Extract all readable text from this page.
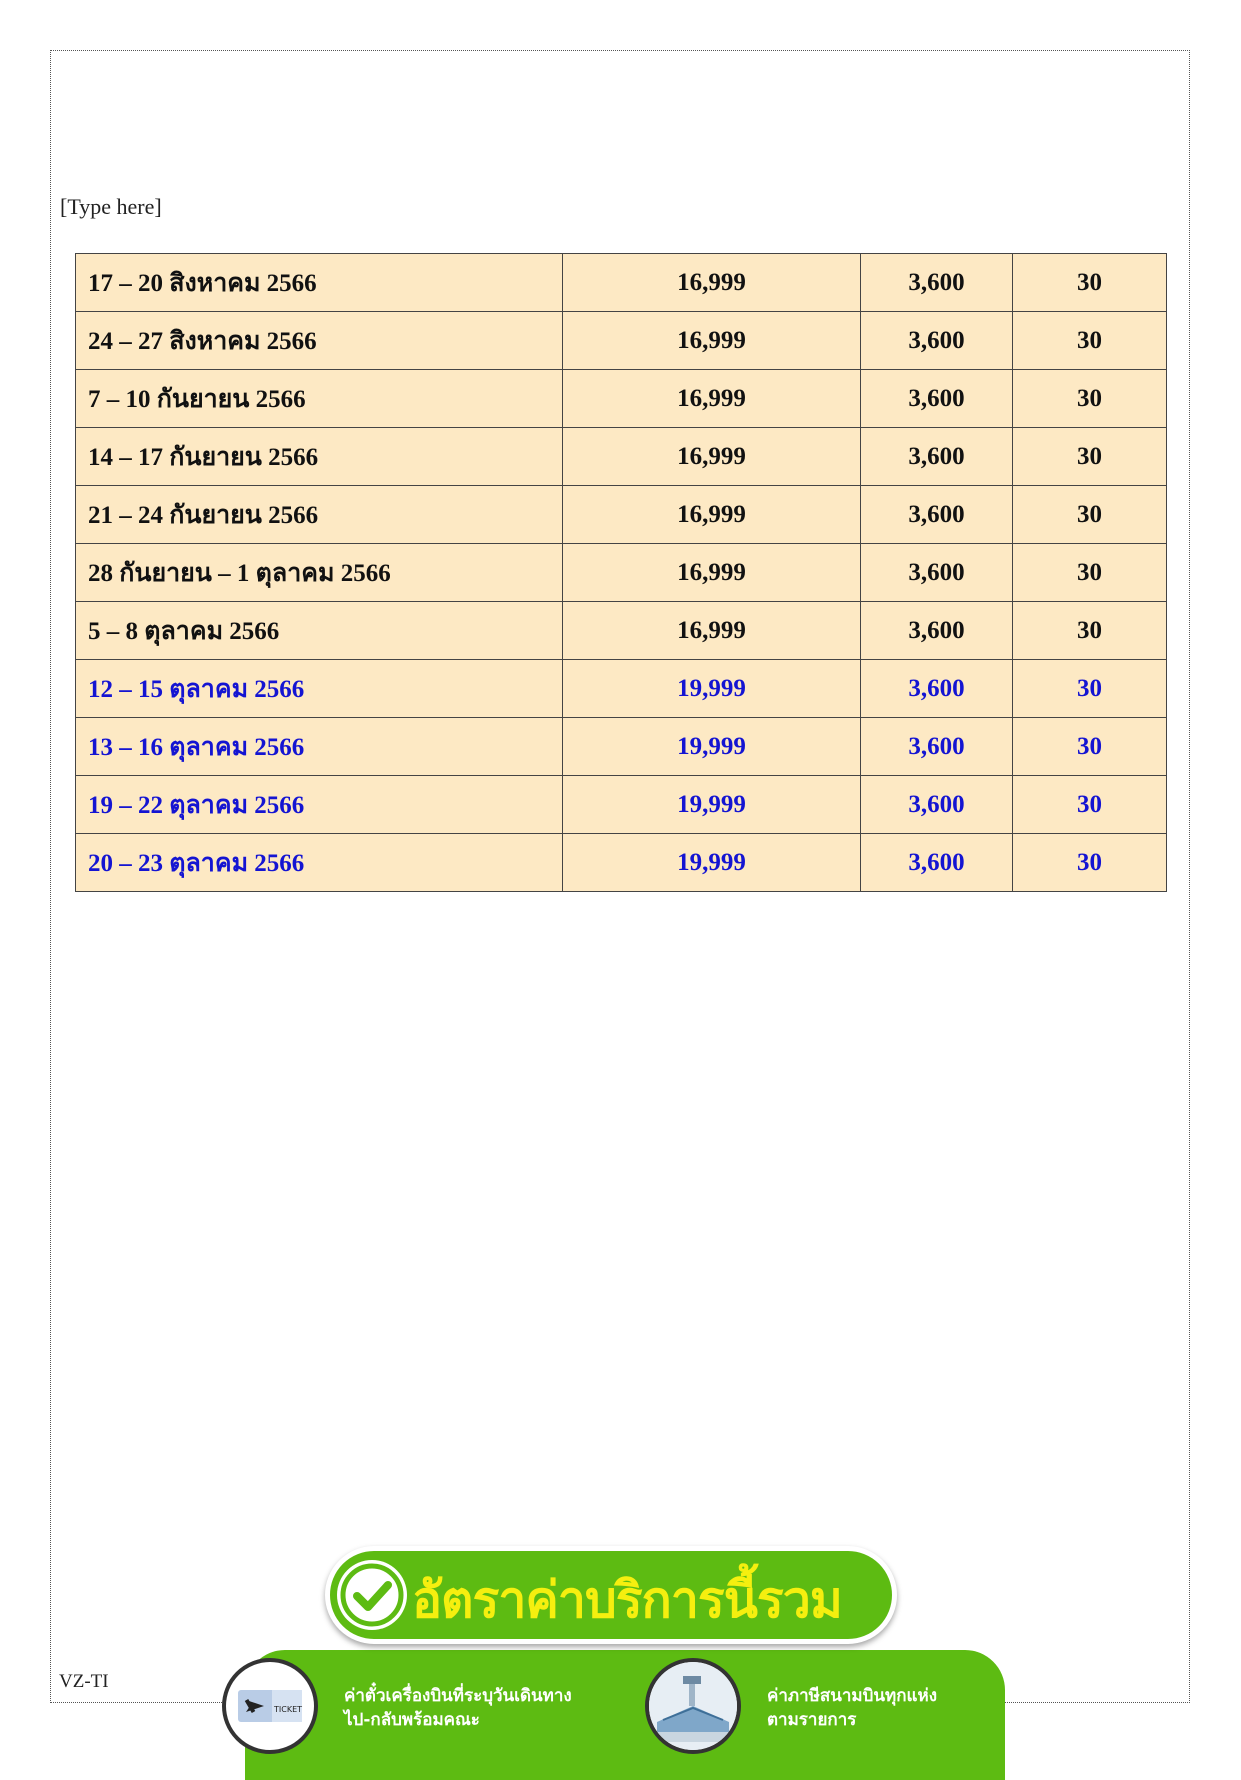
[Type here]
17 – 20 สิงหาคม 2566	16,999	3,600	30
24 – 27 สิงหาคม 2566	16,999	3,600	30
7 – 10 กันยายน 2566	16,999	3,600	30
14 – 17 กันยายน 2566	16,999	3,600	30
21 – 24 กันยายน 2566	16,999	3,600	30
28 กันยายน – 1 ตุลาคม 2566	16,999	3,600	30
5 – 8 ตุลาคม 2566	16,999	3,600	30
12 – 15 ตุลาคม 2566	19,999	3,600	30
13 – 16 ตุลาคม 2566	19,999	3,600	30
19 – 22 ตุลาคม 2566	19,999	3,600	30
20 – 23 ตุลาคม 2566	19,999	3,600	30
VZ-TI
อัตราค่าบริการนี้รวม
TICKET
ค่าตั๋วเครื่องบินที่ระบุวันเดินทาง
ไป-กลับพร้อมคณะ
ค่าภาษีสนามบินทุกแห่ง
ตามรายการ
